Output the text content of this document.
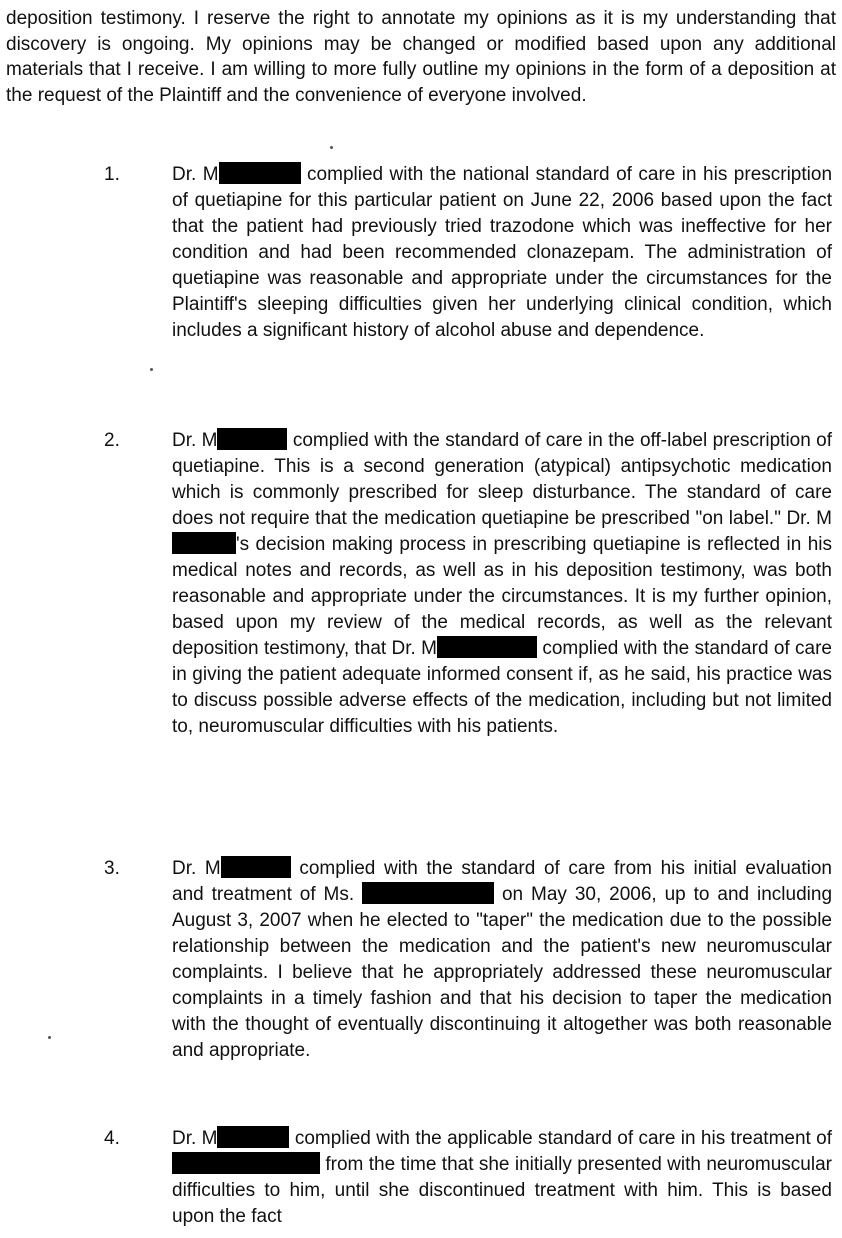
deposition testimony. I reserve the right to annotate my opinions as it is my understanding that discovery is ongoing. My opinions may be changed or modified based upon any additional materials that I receive. I am willing to more fully outline my opinions in the form of a deposition at the request of the Plaintiff and the convenience of everyone involved.

1.	Dr. M	complied with the national standard of care in his prescription of quetiapine for this particular patient on June 22, 2006 based upon the fact that the patient had previously tried trazodone which was ineffective for her condition and had been recommended clonazepam. The administration of quetiapine was reasonable and appropriate under the circumstances for the Plaintiff's sleeping difficulties given her underlying clinical condition, which includes a significant history of alcohol abuse and dependence.

2.	Dr. M	complied with the standard of care in the off-label prescription of quetiapine. This is a second generation (atypical) antipsychotic medication which is commonly prescribed for sleep disturbance. The standard of care does not require that the medication quetiapine be prescribed "on label." Dr. M's decision making process in prescribing quetiapine is reflected in his medical notes and records, as well as in his deposition testimony, was both reasonable and appropriate under the circumstances. It is my further opinion, based upon my review of the medical records, as well as the relevant deposition testimony, that Dr. M	complied with the standard of care in giving the patient adequate informed consent if, as he said, his practice was to discuss possible adverse effects of the medication, including but not limited to, neuromuscular difficulties with his patients.

3.	Dr. M	complied with the standard of care from his initial evaluation and treatment of Ms.	on May 30, 2006, up to and including August 3, 2007 when he elected to "taper" the medication due to the possible relationship between the medication and the patient's new neuromuscular complaints. I believe that he appropriately addressed these neuromuscular complaints in a timely fashion and that his decision to taper the medication with the thought of eventually discontinuing it altogether was both reasonable and appropriate.

4.	Dr. M	complied with the applicable standard of care in his treatment of  from the time that she initially presented with neuromuscular difficulties to him, until she discontinued treatment with him. This is based upon the fact
